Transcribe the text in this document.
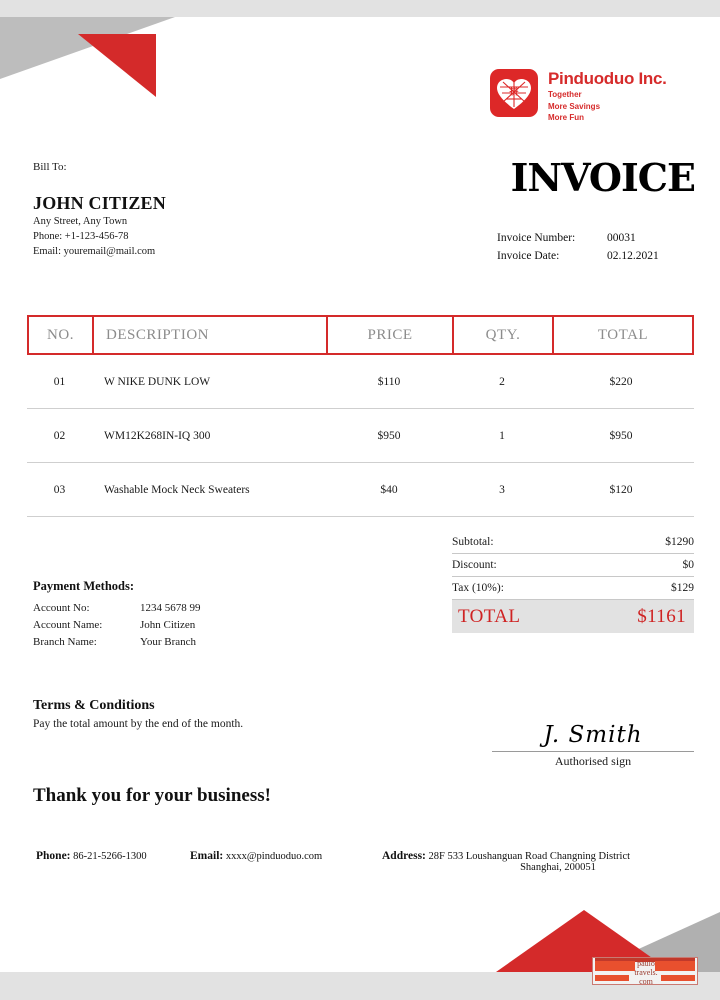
拼
Pinduoduo Inc.
Together
More Savings
More Fun
Bill To:
JOHN CITIZEN
Any Street, Any Town
Phone: +1-123-456-78
Email: youremail@mail.com
INVOICE
Invoice Number:	00031
Invoice Date:	02.12.2021
NO.	DESCRIPTION	PRICE	QTY.	TOTAL
01	W NIKE DUNK LOW	$110	2	$220
02	WM12K268IN-IQ 300	$950	1	$950
03	Washable Mock Neck Sweaters	$40	3	$120
Subtotal:	$1290
Discount:	$0
Tax (10%):	$129
TOTAL	$1161
Payment Methods:
Account No:	1234 5678 99
Account Name:	John Citizen
Branch Name:	Your Branch
Terms & Conditions
Pay the total amount by the end of the month.	J. Smith
Authorised sign
Thank you for your business!
Phone: 86-21-5266-1300	Email: xxxx@pinduoduo.com	Address: 28F 533 Loushanguan Road Changning District
Shanghai, 200051
paulo
travels.
com
